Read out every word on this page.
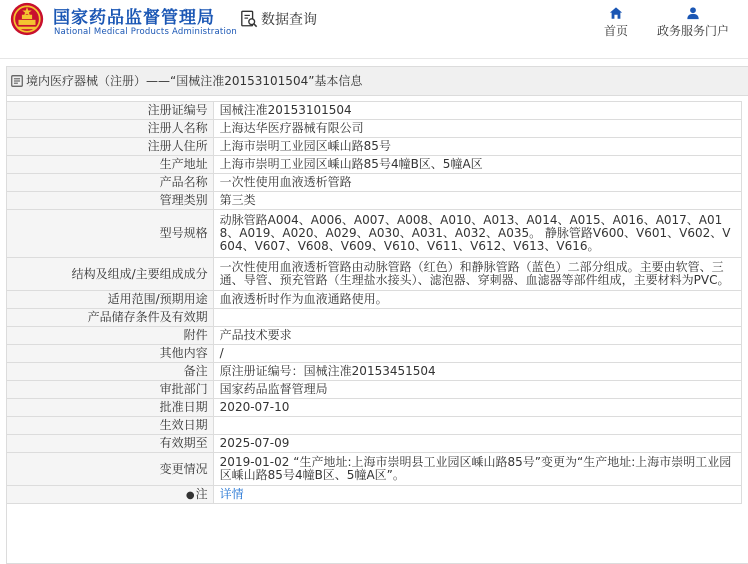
国家药品监督管理局
National Medical Products Administration
数据查询
首页	政务服务门户
境内医疗器械（注册） —— “国械注准20153101504”基本信息
注册证编号	国械注准20153101504
注册人名称	上海达华医疗器械有限公司
注册人住所	上海市崇明工业园区嵊山路85号
生产地址	上海市崇明工业园区嵊山路85号4幢B区、5幢A区
产品名称	一次性使用血液透析管路
管理类别	第三类
型号规格	动脉管路A004、A006、A007、A008、A010、A013、A014、A015、A016、A017、A018、A019、A020、A029、A030、A031、A032、A035。 静脉管路V600、V601、V602、V604、V607、V608、V609、V610、V611、V612、V613、V616。
结构及组成/主要组成成分	一次性使用血液透析管路由动脉管路（红色）和静脉管路（蓝色）二部分组成。主要由软管、三通、导管、预充管路（生理盐水接头）、滤泡器、穿刺器、血滤器等部件组成，主要材料为PVC。
适用范围/预期用途	血液透析时作为血液通路使用。
产品储存条件及有效期	
附件	产品技术要求
其他内容	/
备注	原注册证编号：国械注准20153451504
审批部门	国家药品监督管理局
批准日期	2020-07-10
生效日期	
有效期至	2025-07-09
变更情况	2019-01-02 “生产地址:上海市崇明县工业园区嵊山路85号”变更为“生产地址:上海市崇明工业园区嵊山路85号4幢B区、5幢A区”。
●注	详情
